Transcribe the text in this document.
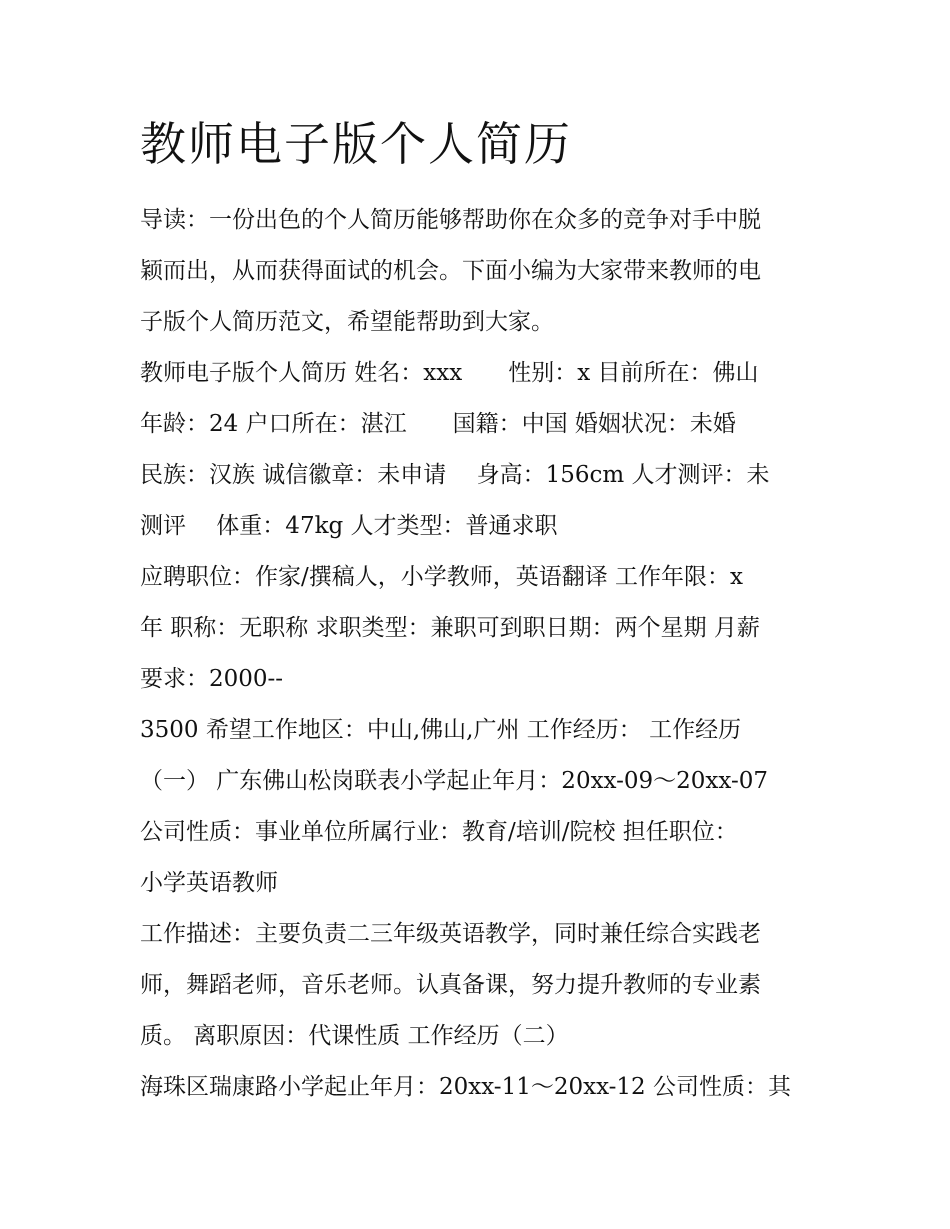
教师电子版个人简历
导读：一份出色的个人简历能够帮助你在众多的竞争对手中脱
颖而出，从而获得面试的机会。下面小编为大家带来教师的电
子版个人简历范文，希望能帮助到大家。
教师电子版个人简历 姓名：xxx　　性别：x 目前所在：佛山
年龄：24 户口所在：湛江　　国籍：中国 婚姻状况：未婚
民族：汉族 诚信徽章：未申请　 身高：156cm 人才测评：未
测评　 体重：47kg 人才类型：普通求职
应聘职位：作家/撰稿人，小学教师，英语翻译 工作年限：x
年 职称：无职称 求职类型：兼职可到职日期：两个星期 月薪
要求：2000--
3500 希望工作地区：中山,佛山,广州 工作经历： 工作经历
（一） 广东佛山松岗联表小学起止年月：20xx-09～20xx-07
公司性质：事业单位所属行业：教育/培训/院校 担任职位：
小学英语教师
工作描述：主要负责二三年级英语教学，同时兼任综合实践老
师，舞蹈老师，音乐老师。认真备课，努力提升教师的专业素
质。 离职原因：代课性质 工作经历（二）
海珠区瑞康路小学起止年月：20xx-11～20xx-12 公司性质：其
